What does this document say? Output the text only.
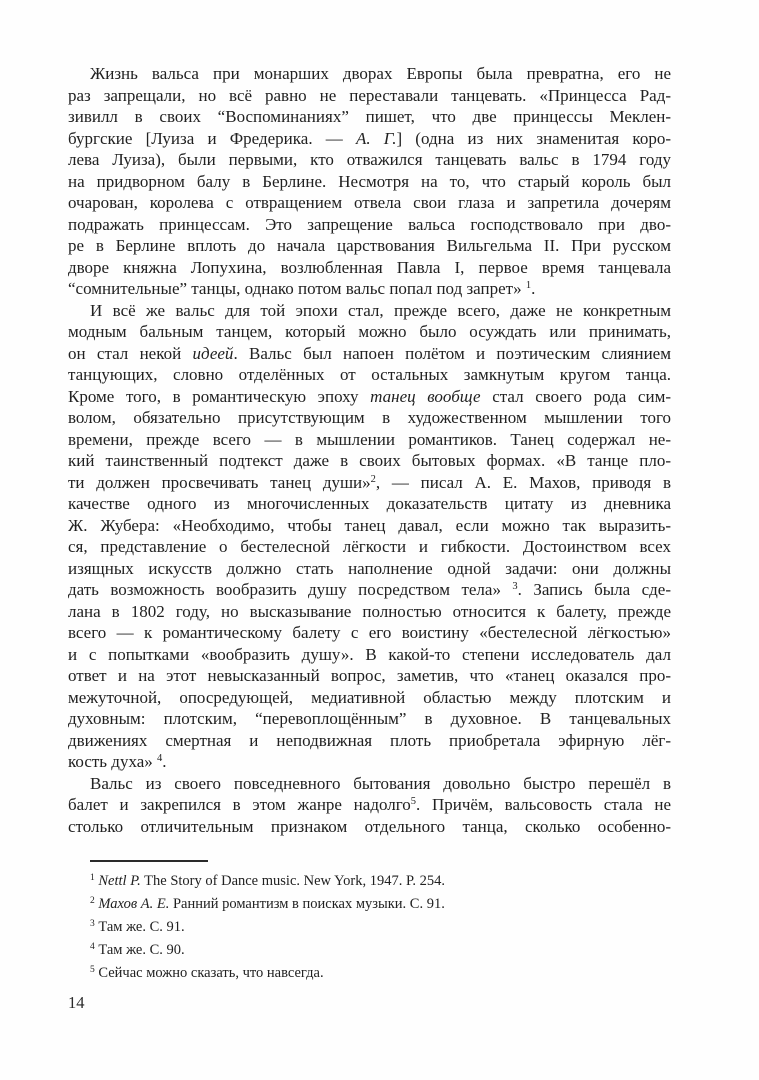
Жизнь вальса при монарших дворах Европы была превратна, его не
раз запрещали, но всё равно не переставали танцевать. «Принцесса Рад-
зивилл в своих “Воспоминаниях” пишет, что две принцессы Меклен-
бургские [Луиза и Фредерика. — А. Г.] (одна из них знаменитая коро-
лева Луиза), были первыми, кто отважился танцевать вальс в 1794 году
на придворном балу в Берлине. Несмотря на то, что старый король был
очарован, королева с отвращением отвела свои глаза и запретила дочерям
подражать принцессам. Это запрещение вальса господствовало при дво-
ре в Берлине вплоть до начала царствования Вильгельма II. При русском
дворе княжна Лопухина, возлюбленная Павла I, первое время танцевала
“сомнительные” танцы, однако потом вальс попал под запрет» $^1$.
И всё же вальс для той эпохи стал, прежде всего, даже не конкретным
модным бальным танцем, который можно было осуждать или принимать,
он стал некой идеей. Вальс был напоен полётом и поэтическим слиянием
танцующих, словно отделённых от остальных замкнутым кругом танца.
Кроме того, в романтическую эпоху танец вообще стал своего рода сим-
волом, обязательно присутствующим в художественном мышлении того
времени, прежде всего — в мышлении романтиков. Танец содержал не-
кий таинственный подтекст даже в своих бытовых формах. «В танце пло-
ти должен просвечивать танец души»$^2$, — писал А. Е. Махов, приводя в
качестве одного из многочисленных доказательств цитату из дневника
Ж. Жубера: «Необходимо, чтобы танец давал, если можно так выразить-
ся, представление о бестелесной лёгкости и гибкости. Достоинством всех
изящных искусств должно стать наполнение одной задачи: они должны
дать возможность вообразить душу посредством тела» $^3$. Запись была сде-
лана в 1802 году, но высказывание полностью относится к балету, прежде
всего — к романтическому балету с его воистину «бестелесной лёгкостью»
и с попытками «вообразить душу». В какой-то степени исследователь дал
ответ и на этот невысказанный вопрос, заметив, что «танец оказался про-
межуточной, опосредующей, медиативной областью между плотским и
духовным: плотским, “перевоплощённым” в духовное. В танцевальных
движениях смертная и неподвижная плоть приобретала эфирную лёг-
кость духа» $^4$.
Вальс из своего повседневного бытования довольно быстро перешёл в
балет и закрепился в этом жанре надолго$^5$. Причём, вальсовость стала не
столько отличительным признаком отдельного танца, сколько особенно-
$^1$ Nettl P. The Story of Dance music. New York, 1947. P. 254.
$^2$ Махов А. Е. Ранний романтизм в поисках музыки. С. 91.
$^3$ Там же. С. 91.
$^4$ Там же. С. 90.
$^5$ Сейчас можно сказать, что навсегда.
14
